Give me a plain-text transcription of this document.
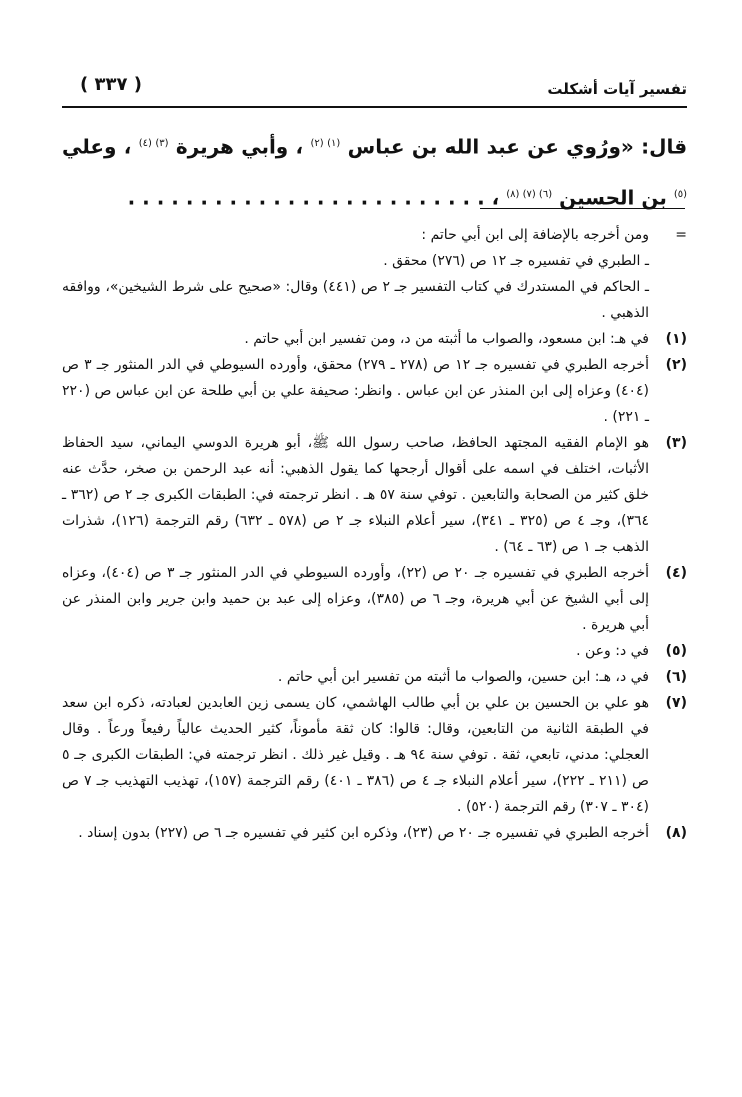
( ٣٣٧ )	تفسير آيات أشكلت
قال: «ورُوي عن عبد الله بن عباس $^{(١) (٢)}$ ، وأبي هريرة $^{(٣) (٤)}$ ، وعلي $^{(٥)}$ بن الحسين $^{(٦) (٧) (٨)}$ ، . . . . . . . . . . . . . . . . . . . . . . . . .
=
ومن أخرجه بالإضافة إلى ابن أبي حاتم :
ـ الطبري في تفسيره جـ ١٢ ص (٢٧٦) محقق .
ـ الحاكم في المستدرك في كتاب التفسير جـ ٢ ص (٤٤١) وقال: «صحيح على شرط الشيخين»، ووافقه الذهبي .
(١)
في هـ: ابن مسعود، والصواب ما أثبته من د، ومن تفسير ابن أبي حاتم .
(٢)
أخرجه الطبري في تفسيره جـ ١٢ ص (٢٧٨ ـ ٢٧٩) محقق، وأورده السيوطي في الدر المنثور جـ ٣ ص (٤٠٤) وعزاه إلى ابن المنذر عن ابن عباس . وانظر: صحيفة علي بن أبي طلحة عن ابن عباس ص (٢٢٠ ـ ٢٢١) .
(٣)
هو الإمام الفقيه المجتهد الحافظ، صاحب رسول الله ﷺ، أبو هريرة الدوسي اليماني، سيد الحفاظ الأثبات، اختلف في اسمه على أقوال أرجحها كما يقول الذهبي: أنه عبد الرحمن بن صخر، حدَّث عنه خلق كثير من الصحابة والتابعين . توفي سنة ٥٧ هـ . انظر ترجمته في: الطبقات الكبرى جـ ٢ ص (٣٦٢ ـ ٣٦٤)، وجـ ٤ ص (٣٢٥ ـ ٣٤١)، سير أعلام النبلاء جـ ٢ ص (٥٧٨ ـ ٦٣٢) رقم الترجمة (١٢٦)، شذرات الذهب جـ ١ ص (٦٣ ـ ٦٤) .
(٤)
أخرجه الطبري في تفسيره جـ ٢٠ ص (٢٢)، وأورده السيوطي في الدر المنثور جـ ٣ ص (٤٠٤)، وعزاه إلى أبي الشيخ عن أبي هريرة، وجـ ٦ ص (٣٨٥)، وعزاه إلى عبد بن حميد وابن جرير وابن المنذر عن أبي هريرة .
(٥)
في د: وعن .
(٦)
في د، هـ: ابن حسين، والصواب ما أثبته من تفسير ابن أبي حاتم .
(٧)
هو علي بن الحسين بن علي بن أبي طالب الهاشمي، كان يسمى زين العابدين لعبادته، ذكره ابن سعد في الطبقة الثانية من التابعين، وقال: قالوا: كان ثقة مأموناً، كثير الحديث عالياً رفيعاً ورعاً . وقال العجلي: مدني، تابعي، ثقة . توفي سنة ٩٤ هـ . وقيل غير ذلك . انظر ترجمته في: الطبقات الكبرى جـ ٥ ص (٢١١ ـ ٢٢٢)، سير أعلام النبلاء جـ ٤ ص (٣٨٦ ـ ٤٠١) رقم الترجمة (١٥٧)، تهذيب التهذيب جـ ٧ ص (٣٠٤ ـ ٣٠٧) رقم الترجمة (٥٢٠) .
(٨)
أخرجه الطبري في تفسيره جـ ٢٠ ص (٢٣)، وذكره ابن كثير في تفسيره جـ ٦ ص (٢٢٧) بدون إسناد .
